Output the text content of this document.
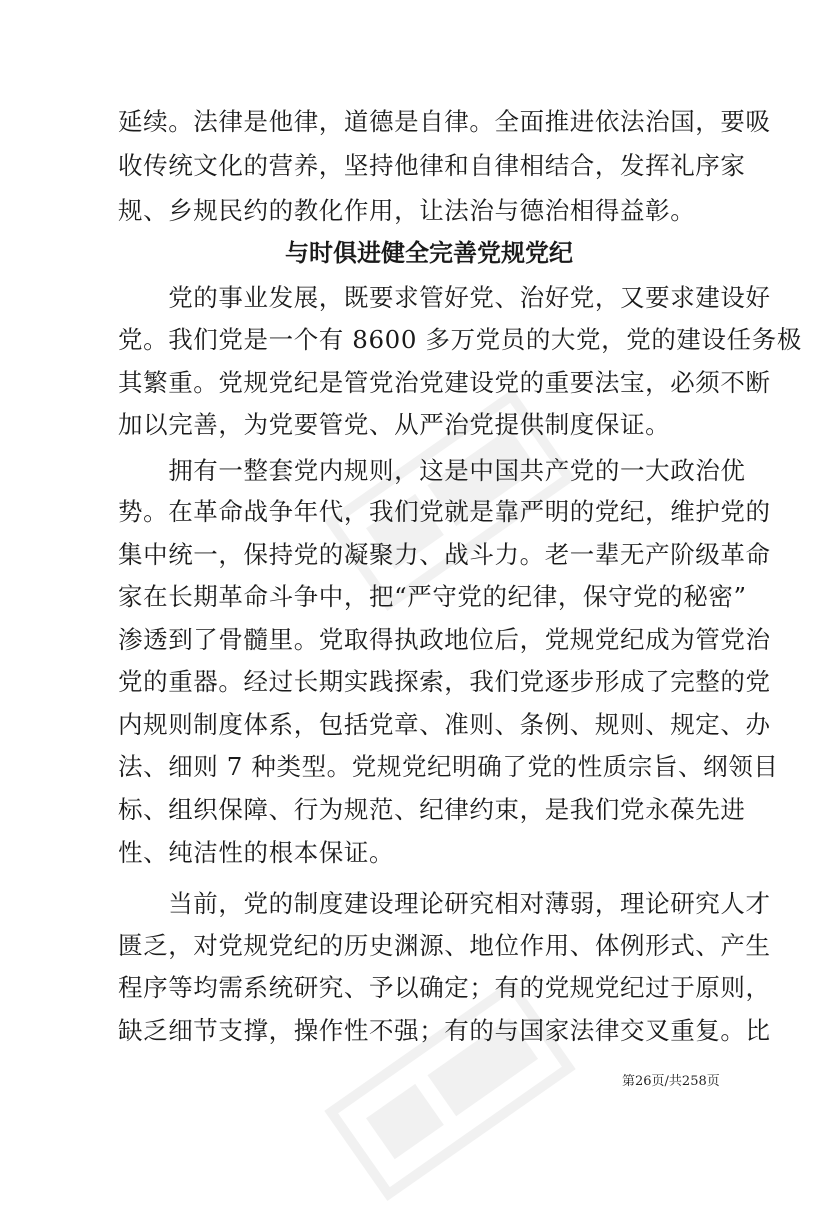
延续。法律是他律，道德是自律。全面推进依法治国，要吸
收传统文化的营养，坚持他律和自律相结合，发挥礼序家
规、乡规民约的教化作用，让法治与德治相得益彰。
与时俱进健全完善党规党纪
　　党的事业发展，既要求管好党、治好党，又要求建设好
党。我们党是一个有 8600 多万党员的大党，党的建设任务极
其繁重。党规党纪是管党治党建设党的重要法宝，必须不断
加以完善，为党要管党、从严治党提供制度保证。
　　拥有一整套党内规则，这是中国共产党的一大政治优
势。在革命战争年代，我们党就是靠严明的党纪，维护党的
集中统一，保持党的凝聚力、战斗力。老一辈无产阶级革命
家在长期革命斗争中，把“严守党的纪律，保守党的秘密”
渗透到了骨髓里。党取得执政地位后，党规党纪成为管党治
党的重器。经过长期实践探索，我们党逐步形成了完整的党
内规则制度体系，包括党章、准则、条例、规则、规定、办
法、细则 7 种类型。党规党纪明确了党的性质宗旨、纲领目
标、组织保障、行为规范、纪律约束，是我们党永葆先进
性、纯洁性的根本保证。
　　当前，党的制度建设理论研究相对薄弱，理论研究人才
匮乏，对党规党纪的历史渊源、地位作用、体例形式、产生
程序等均需系统研究、予以确定；有的党规党纪过于原则，
缺乏细节支撑，操作性不强；有的与国家法律交叉重复。比
第26页/共258页
